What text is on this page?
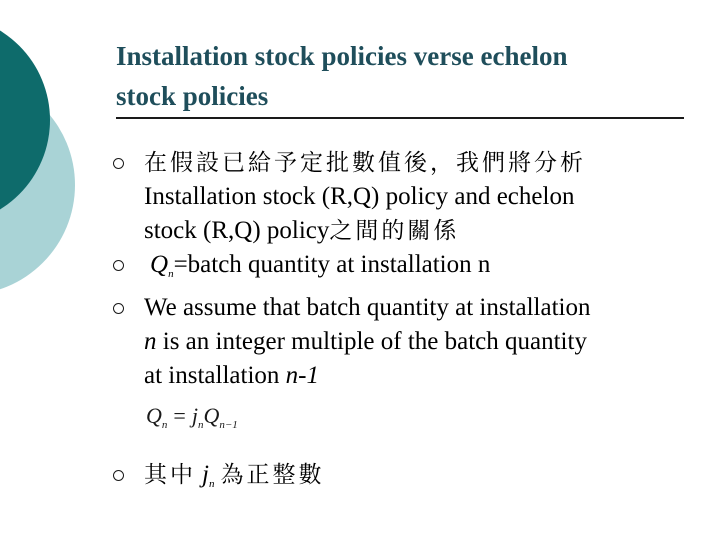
Installation stock policies verse echelon
stock policies
在假設已給予定批數值後，我們將分析
Installation stock (R,Q) policy and echelon
stock (R,Q) policy之間的關係
$Q_n=batch$ quantity at installation n
We assume that batch quantity at installation
n is an integer multiple of the batch quantity
at installation n-1
$Q_n = j_nQ_{n-1}$
其中 $j_n$ 為正整數
